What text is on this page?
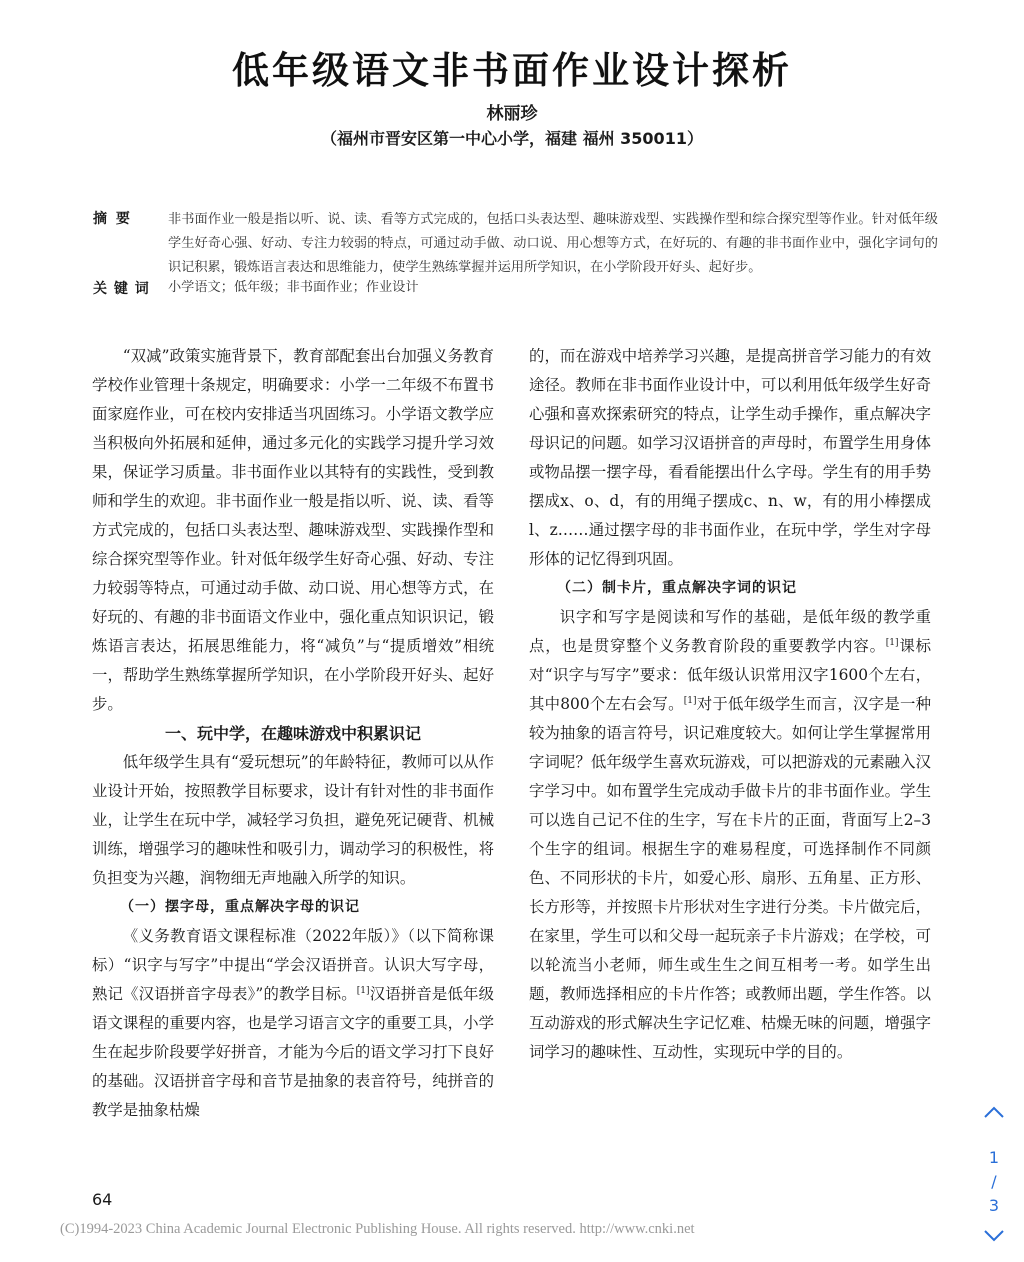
低年级语文非书面作业设计探析
林丽珍
（福州市晋安区第一中心小学，福建 福州 350011）
摘 要	非书面作业一般是指以听、说、读、看等方式完成的，包括口头表达型、趣味游戏型、实践操作型和综合探究型等作业。针对低年级学生好奇心强、好动、专注力较弱的特点，可通过动手做、动口说、用心想等方式，在好玩的、有趣的非书面作业中，强化字词句的识记积累，锻炼语言表达和思维能力，使学生熟练掌握并运用所学知识，在小学阶段开好头、起好步。
关 键 词 小学语文；低年级；非书面作业；作业设计

“双减”政策实施背景下，教育部配套出台加强义务教育学校作业管理十条规定，明确要求：小学一二年级不布置书面家庭作业，可在校内安排适当巩固练习。小学语文教学应当积极向外拓展和延伸，通过多元化的实践学习提升学习效果，保证学习质量。非书面作业以其特有的实践性，受到教师和学生的欢迎。非书面作业一般是指以听、说、读、看等方式完成的，包括口头表达型、趣味游戏型、实践操作型和综合探究型等作业。针对低年级学生好奇心强、好动、专注力较弱等特点，可通过动手做、动口说、用心想等方式，在好玩的、有趣的非书面语文作业中，强化重点知识识记，锻炼语言表达，拓展思维能力，将“减负”与“提质增效”相统一，帮助学生熟练掌握所学知识，在小学阶段开好头、起好步。

一、玩中学，在趣味游戏中积累识记

低年级学生具有“爱玩想玩”的年龄特征，教师可以从作业设计开始，按照教学目标要求，设计有针对性的非书面作业，让学生在玩中学，减轻学习负担，避免死记硬背、机械训练，增强学习的趣味性和吸引力，调动学习的积极性，将负担变为兴趣，润物细无声地融入所学的知识。

（一）摆字母，重点解决字母的识记

《义务教育语文课程标准（2022年版）》（以下简称课标）“识字与写字”中提出“学会汉语拼音。认识大写字母，熟记《汉语拼音字母表》”的教学目标。[1]汉语拼音是低年级语文课程的重要内容，也是学习语言文字的重要工具，小学生在起步阶段要学好拼音，才能为今后的语文学习打下良好的基础。汉语拼音字母和音节是抽象的表音符号，纯拼音的教学是抽象枯燥

的，而在游戏中培养学习兴趣，是提高拼音学习能力的有效途径。教师在非书面作业设计中，可以利用低年级学生好奇心强和喜欢探索研究的特点，让学生动手操作，重点解决字母识记的问题。如学习汉语拼音的声母时，布置学生用身体或物品摆一摆字母，看看能摆出什么字母。学生有的用手势摆成x、o、d，有的用绳子摆成c、n、w，有的用小棒摆成l、z……通过摆字母的非书面作业，在玩中学，学生对字母形体的记忆得到巩固。

（二）制卡片，重点解决字词的识记

识字和写字是阅读和写作的基础，是低年级的教学重点，也是贯穿整个义务教育阶段的重要教学内容。[1]课标对“识字与写字”要求：低年级认识常用汉字1600个左右，其中800个左右会写。[1]对于低年级学生而言，汉字是一种较为抽象的语言符号，识记难度较大。如何让学生掌握常用字词呢？低年级学生喜欢玩游戏，可以把游戏的元素融入汉字学习中。如布置学生完成动手做卡片的非书面作业。学生可以选自己记不住的生字，写在卡片的正面，背面写上2–3个生字的组词。根据生字的难易程度，可选择制作不同颜色、不同形状的卡片，如爱心形、扇形、五角星、正方形、长方形等，并按照卡片形状对生字进行分类。卡片做完后，在家里，学生可以和父母一起玩亲子卡片游戏；在学校，可以轮流当小老师，师生或生生之间互相考一考。如学生出题，教师选择相应的卡片作答；或教师出题，学生作答。以互动游戏的形式解决生字记忆难、枯燥无味的问题，增强字词学习的趣味性、互动性，实现玩中学的目的。

64
(C)1994-2023 China Academic Journal Electronic Publishing House. All rights reserved. http://www.cnki.net
1
/
3
